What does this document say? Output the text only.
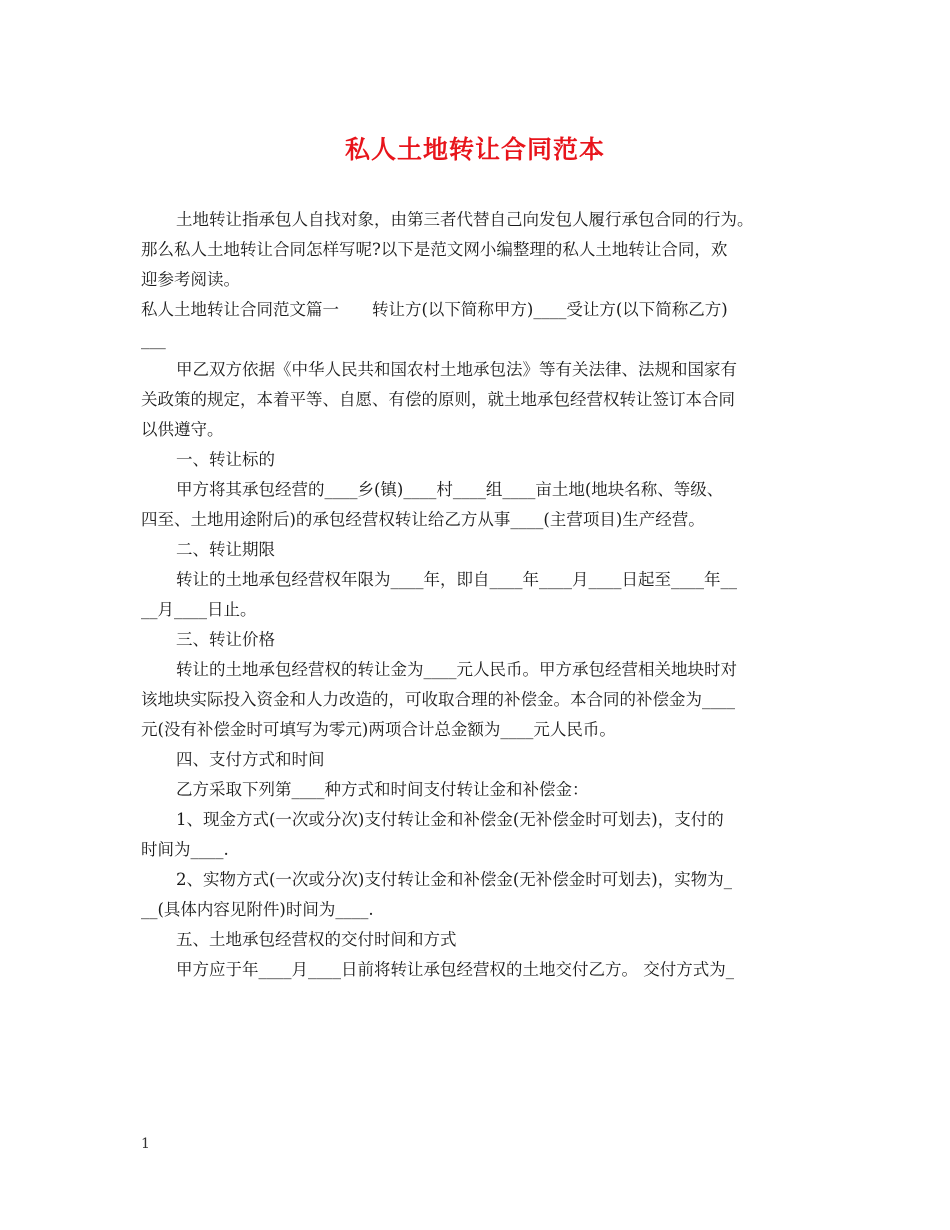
私人土地转让合同范本
土地转让指承包人自找对象，由第三者代替自己向发包人履行承包合同的行为。
那么私人土地转让合同怎样写呢?以下是范文网小编整理的私人土地转让合同，欢
迎参考阅读。
私人土地转让合同范文篇一　　转让方(以下简称甲方)____受让方(以下简称乙方)
___
甲乙双方依据《中华人民共和国农村土地承包法》等有关法律、法规和国家有
关政策的规定，本着平等、自愿、有偿的原则，就土地承包经营权转让签订本合同
以供遵守。
一、转让标的
甲方将其承包经营的____乡(镇)____村____组____亩土地(地块名称、等级、
四至、土地用途附后)的承包经营权转让给乙方从事____(主营项目)生产经营。
二、转让期限
转让的土地承包经营权年限为____年，即自____年____月____日起至____年__
__月____日止。
三、转让价格
转让的土地承包经营权的转让金为____元人民币。甲方承包经营相关地块时对
该地块实际投入资金和人力改造的，可收取合理的补偿金。本合同的补偿金为____
元(没有补偿金时可填写为零元)两项合计总金额为____元人民币。
四、支付方式和时间
乙方采取下列第____种方式和时间支付转让金和补偿金：
1、现金方式(一次或分次)支付转让金和补偿金(无补偿金时可划去)，支付的
时间为____.
2、实物方式(一次或分次)支付转让金和补偿金(无补偿金时可划去)，实物为_
__(具体内容见附件)时间为____.
五、土地承包经营权的交付时间和方式
甲方应于年____月____日前将转让承包经营权的土地交付乙方。 交付方式为_
1
